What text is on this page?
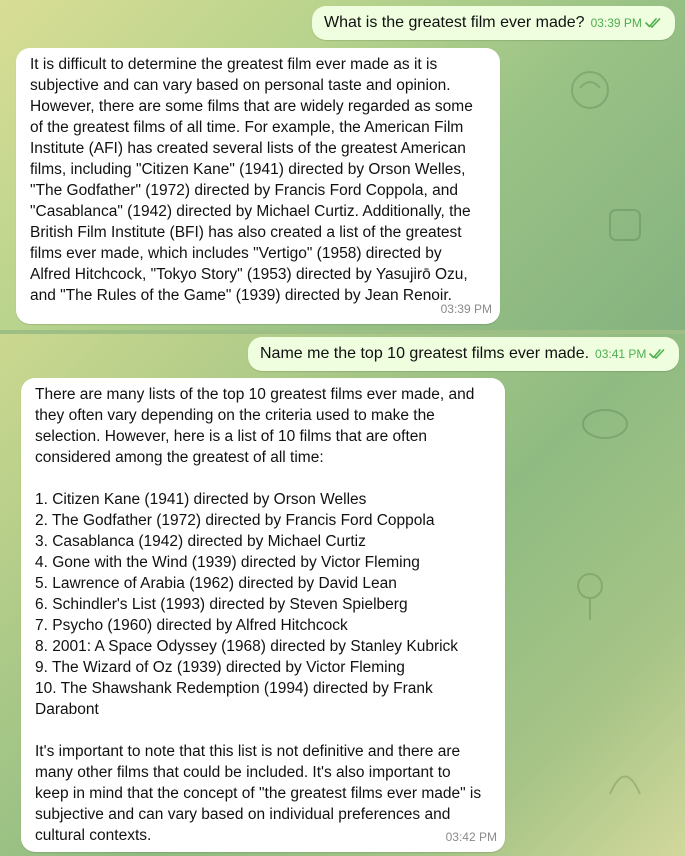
What is the greatest film ever made? 03:39 PM
It is difficult to determine the greatest film ever made as it is
subjective and can vary based on personal taste and opinion.
However, there are some films that are widely regarded as some
of the greatest films of all time. For example, the American Film
Institute (AFI) has created several lists of the greatest American
films, including "Citizen Kane" (1941) directed by Orson Welles,
"The Godfather" (1972) directed by Francis Ford Coppola, and
"Casablanca" (1942) directed by Michael Curtiz. Additionally, the
British Film Institute (BFI) has also created a list of the greatest
films ever made, which includes "Vertigo" (1958) directed by
Alfred Hitchcock, "Tokyo Story" (1953) directed by Yasujirō Ozu,
and "The Rules of the Game" (1939) directed by Jean Renoir.
03:39 PM
Name me the top 10 greatest films ever made. 03:41 PM
There are many lists of the top 10 greatest films ever made, and
they often vary depending on the criteria used to make the
selection. However, here is a list of 10 films that are often
considered among the greatest of all time:

1. Citizen Kane (1941) directed by Orson Welles
2. The Godfather (1972) directed by Francis Ford Coppola
3. Casablanca (1942) directed by Michael Curtiz
4. Gone with the Wind (1939) directed by Victor Fleming
5. Lawrence of Arabia (1962) directed by David Lean
6. Schindler's List (1993) directed by Steven Spielberg
7. Psycho (1960) directed by Alfred Hitchcock
8. 2001: A Space Odyssey (1968) directed by Stanley Kubrick
9. The Wizard of Oz (1939) directed by Victor Fleming
10. The Shawshank Redemption (1994) directed by Frank
Darabont

It's important to note that this list is not definitive and there are
many other films that could be included. It's also important to
keep in mind that the concept of "the greatest films ever made" is
subjective and can vary based on individual preferences and
cultural contexts.	03:42 PM
